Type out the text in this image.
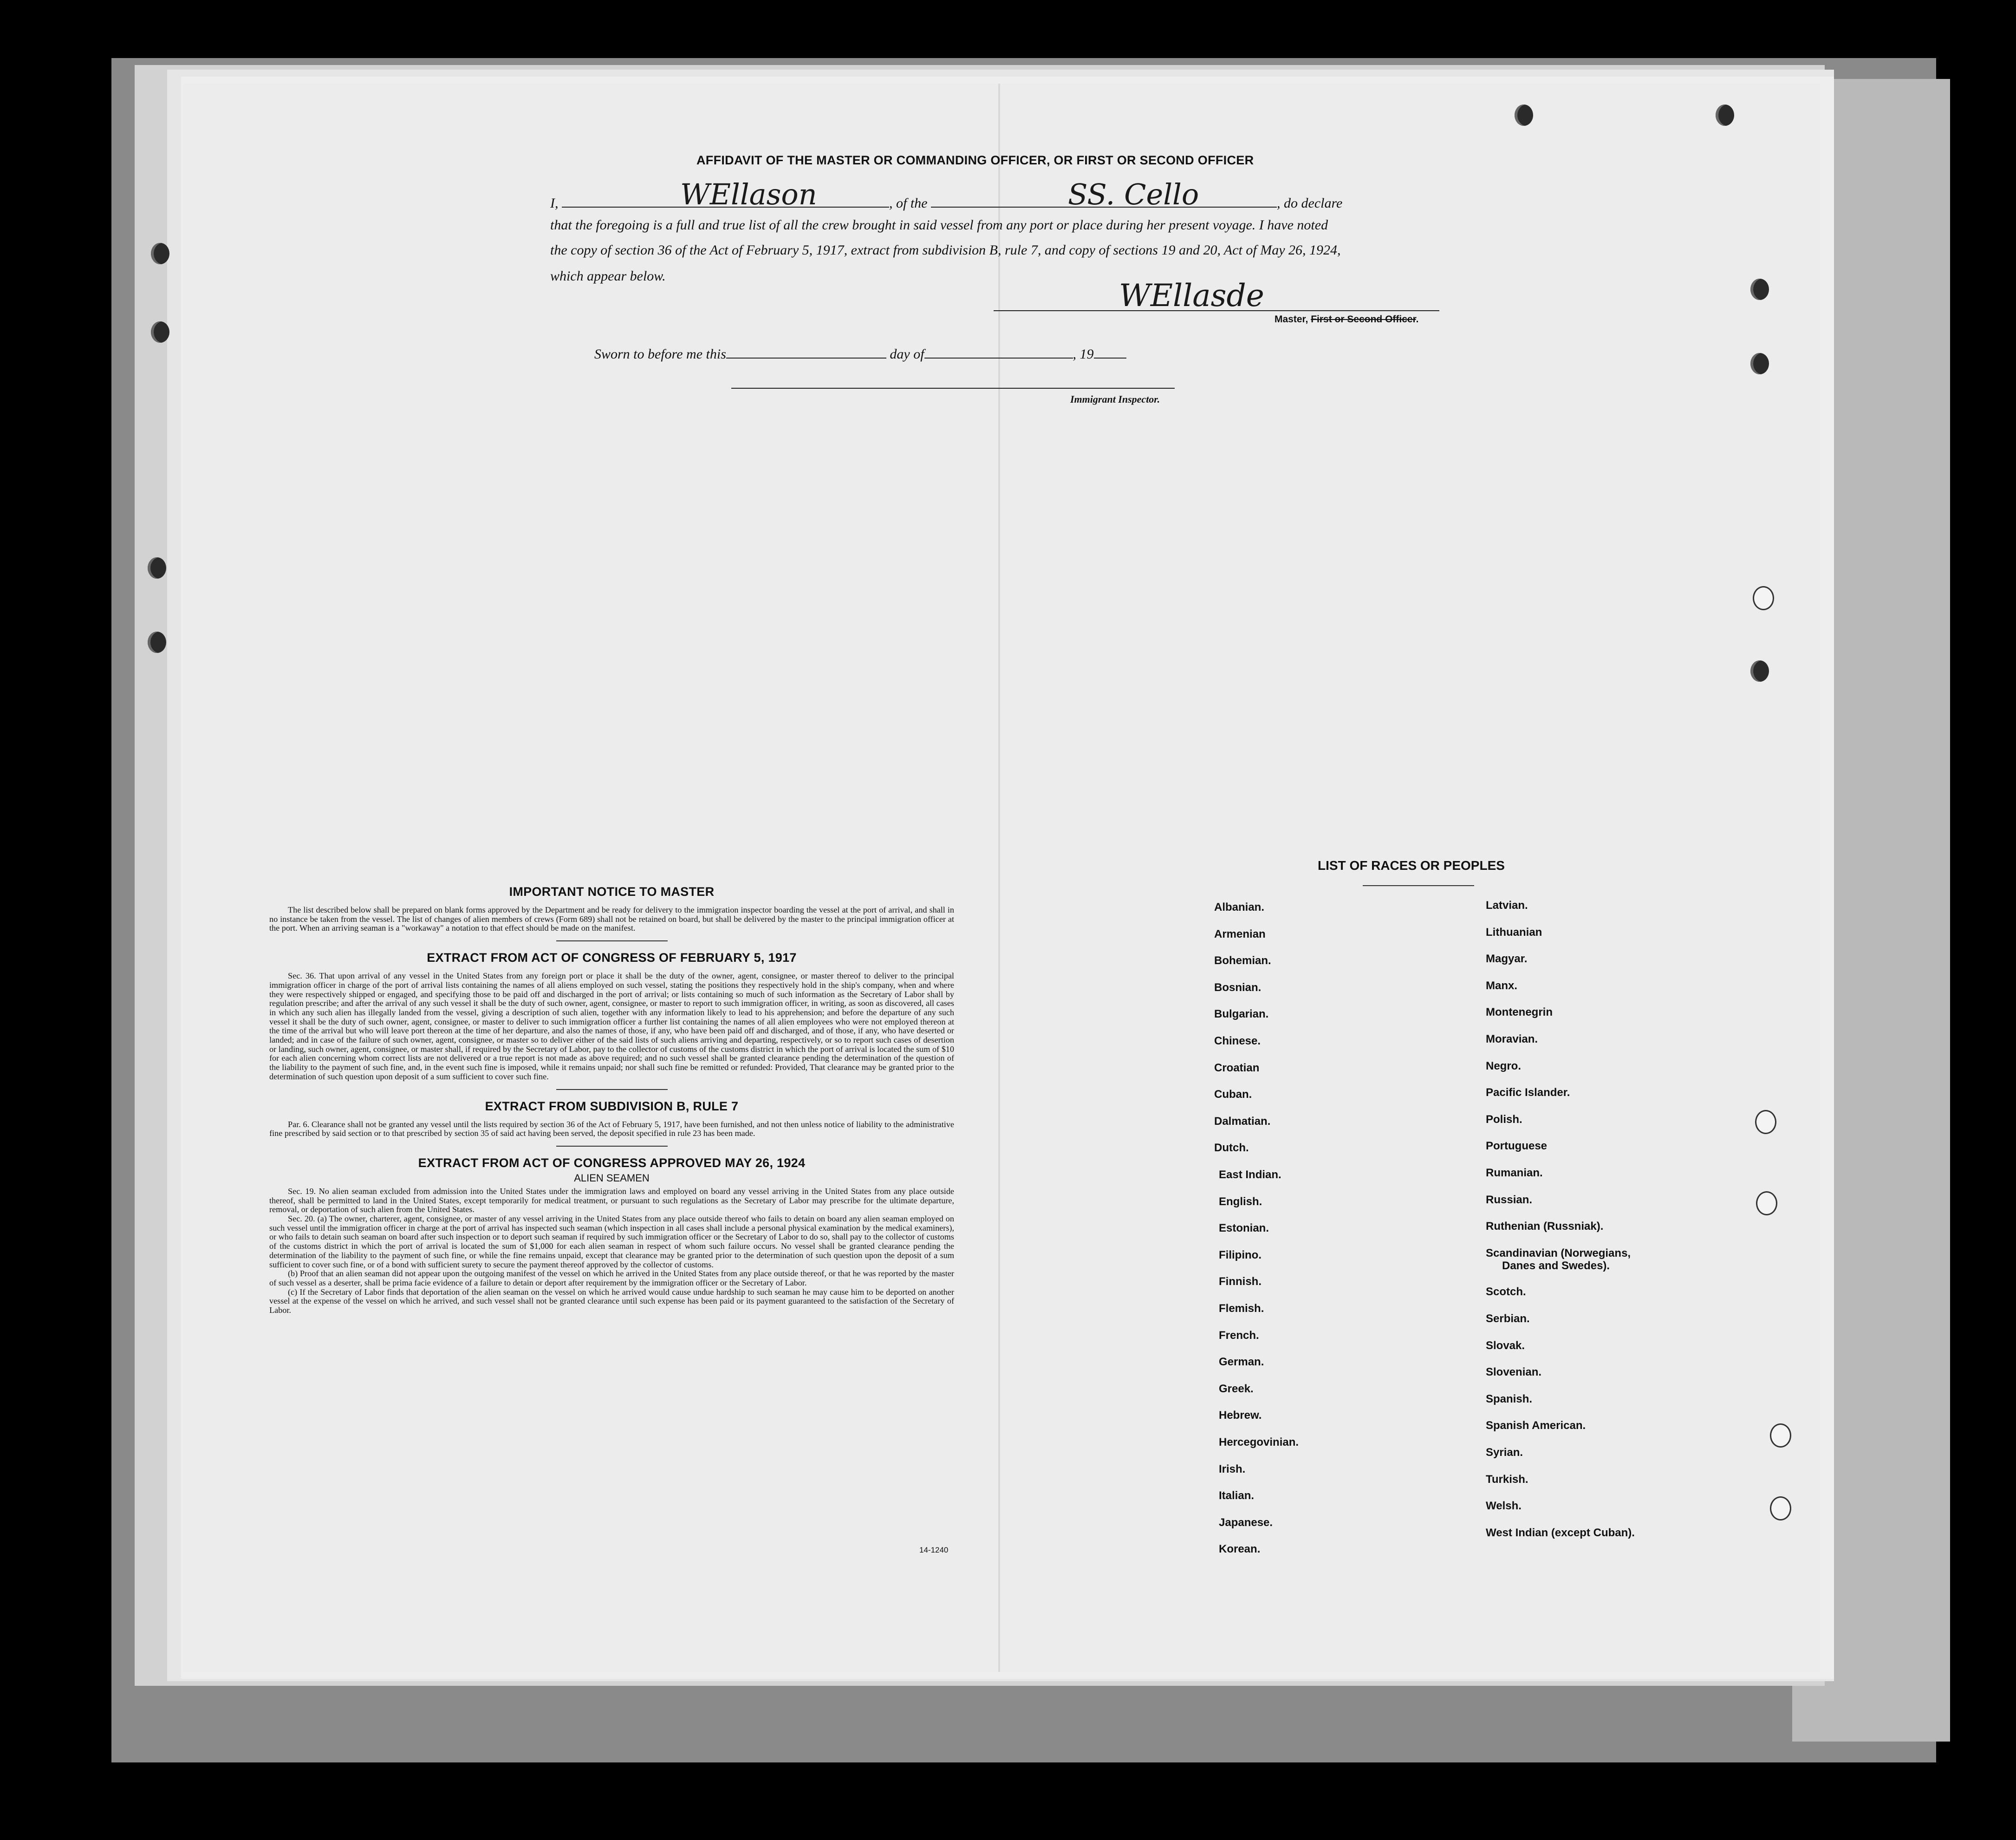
AFFIDAVIT OF THE MASTER OR COMMANDING OFFICER, OR FIRST OR SECOND OFFICER
I,	, of the	, do declare
WEllason	SS. Cello
that the foregoing is a full and true list of all the crew brought in said vessel from any port or place during her present voyage. I have noted
the copy of section 36 of the Act of February 5, 1917, extract from subdivision B, rule 7, and copy of sections 19 and 20, Act of May 26, 1924,
which appear below.
WEllasde
Master, First or Second Officer.
Sworn to before me this	day of	, 19
Immigrant Inspector.
IMPORTANT NOTICE TO MASTER

The list described below shall be prepared on blank forms approved by the Department and be ready for delivery to the immigration inspector boarding the vessel at the port of arrival, and shall in no instance be taken from the vessel. The list of changes of alien members of crews (Form 689) shall not be retained on board, but shall be delivered by the master to the principal immigration officer at the port. When an arriving seaman is a "workaway" a notation to that effect should be made on the manifest.

EXTRACT FROM ACT OF CONGRESS OF FEBRUARY 5, 1917

Sec. 36. That upon arrival of any vessel in the United States from any foreign port or place it shall be the duty of the owner, agent, consignee, or master thereof to deliver to the principal immigration officer in charge of the port of arrival lists containing the names of all aliens employed on such vessel, stating the positions they respectively hold in the ship's company, when and where they were respectively shipped or engaged, and specifying those to be paid off and discharged in the port of arrival; or lists containing so much of such information as the Secretary of Labor shall by regulation prescribe; and after the arrival of any such vessel it shall be the duty of such owner, agent, consignee, or master to report to such immigration officer, in writing, as soon as discovered, all cases in which any such alien has illegally landed from the vessel, giving a description of such alien, together with any information likely to lead to his apprehension; and before the departure of any such vessel it shall be the duty of such owner, agent, consignee, or master to deliver to such immigration officer a further list containing the names of all alien employees who were not employed thereon at the time of the arrival but who will leave port thereon at the time of her departure, and also the names of those, if any, who have been paid off and discharged, and of those, if any, who have deserted or landed; and in case of the failure of such owner, agent, consignee, or master so to deliver either of the said lists of such aliens arriving and departing, respectively, or so to report such cases of desertion or landing, such owner, agent, consignee, or master shall, if required by the Secretary of Labor, pay to the collector of customs of the customs district in which the port of arrival is located the sum of $10 for each alien concerning whom correct lists are not delivered or a true report is not made as above required; and no such vessel shall be granted clearance pending the determination of the question of the liability to the payment of such fine, and, in the event such fine is imposed, while it remains unpaid; nor shall such fine be remitted or refunded: Provided, That clearance may be granted prior to the determination of such question upon deposit of a sum sufficient to cover such fine.

EXTRACT FROM SUBDIVISION B, RULE 7

Par. 6. Clearance shall not be granted any vessel until the lists required by section 36 of the Act of February 5, 1917, have been furnished, and not then unless notice of liability to the administrative fine prescribed by said section or to that prescribed by section 35 of said act having been served, the deposit specified in rule 23 has been made.

EXTRACT FROM ACT OF CONGRESS APPROVED MAY 26, 1924
ALIEN SEAMEN

Sec. 19. No alien seaman excluded from admission into the United States under the immigration laws and employed on board any vessel arriving in the United States from any place outside thereof, shall be permitted to land in the United States, except temporarily for medical treatment, or pursuant to such regulations as the Secretary of Labor may prescribe for the ultimate departure, removal, or deportation of such alien from the United States.

Sec. 20. (a) The owner, charterer, agent, consignee, or master of any vessel arriving in the United States from any place outside thereof who fails to detain on board any alien seaman employed on such vessel until the immigration officer in charge at the port of arrival has inspected such seaman (which inspection in all cases shall include a personal physical examination by the medical examiners), or who fails to detain such seaman on board after such inspection or to deport such seaman if required by such immigration officer or the Secretary of Labor to do so, shall pay to the collector of customs of the customs district in which the port of arrival is located the sum of $1,000 for each alien seaman in respect of whom such failure occurs. No vessel shall be granted clearance pending the determination of the liability to the payment of such fine, or while the fine remains unpaid, except that clearance may be granted prior to the determination of such question upon the deposit of a sum sufficient to cover such fine, or of a bond with sufficient surety to secure the payment thereof approved by the collector of customs.

(b) Proof that an alien seaman did not appear upon the outgoing manifest of the vessel on which he arrived in the United States from any place outside thereof, or that he was reported by the master of such vessel as a deserter, shall be prima facie evidence of a failure to detain or deport after requirement by the immigration officer or the Secretary of Labor.

(c) If the Secretary of Labor finds that deportation of the alien seaman on the vessel on which he arrived would cause undue hardship to such seaman he may cause him to be deported on another vessel at the expense of the vessel on which he arrived, and such vessel shall not be granted clearance until such expense has been paid or its payment guaranteed to the satisfaction of the Secretary of Labor.

14-1240
LIST OF RACES OR PEOPLES
Albanian.
Armenian
Bohemian.
Bosnian.
Bulgarian.
Chinese.
Croatian
Cuban.
Dalmatian.
Dutch.
East Indian.
English.
Estonian.
Filipino.
Finnish.
Flemish.
French.
German.
Greek.
Hebrew.
Hercegovinian.
Irish.
Italian.
Japanese.
Korean.
Latvian.
Lithuanian
Magyar.
Manx.
Montenegrin
Moravian.
Negro.
Pacific Islander.
Polish.
Portuguese
Rumanian.
Russian.
Ruthenian (Russniak).
Scandinavian (Norwegians,
Scotch.
Serbian.
Slovak.
Slovenian.
Spanish.
Spanish American.
Syrian.
Turkish.
Welsh.
West Indian (except Cuban).
Danes and Swedes).
